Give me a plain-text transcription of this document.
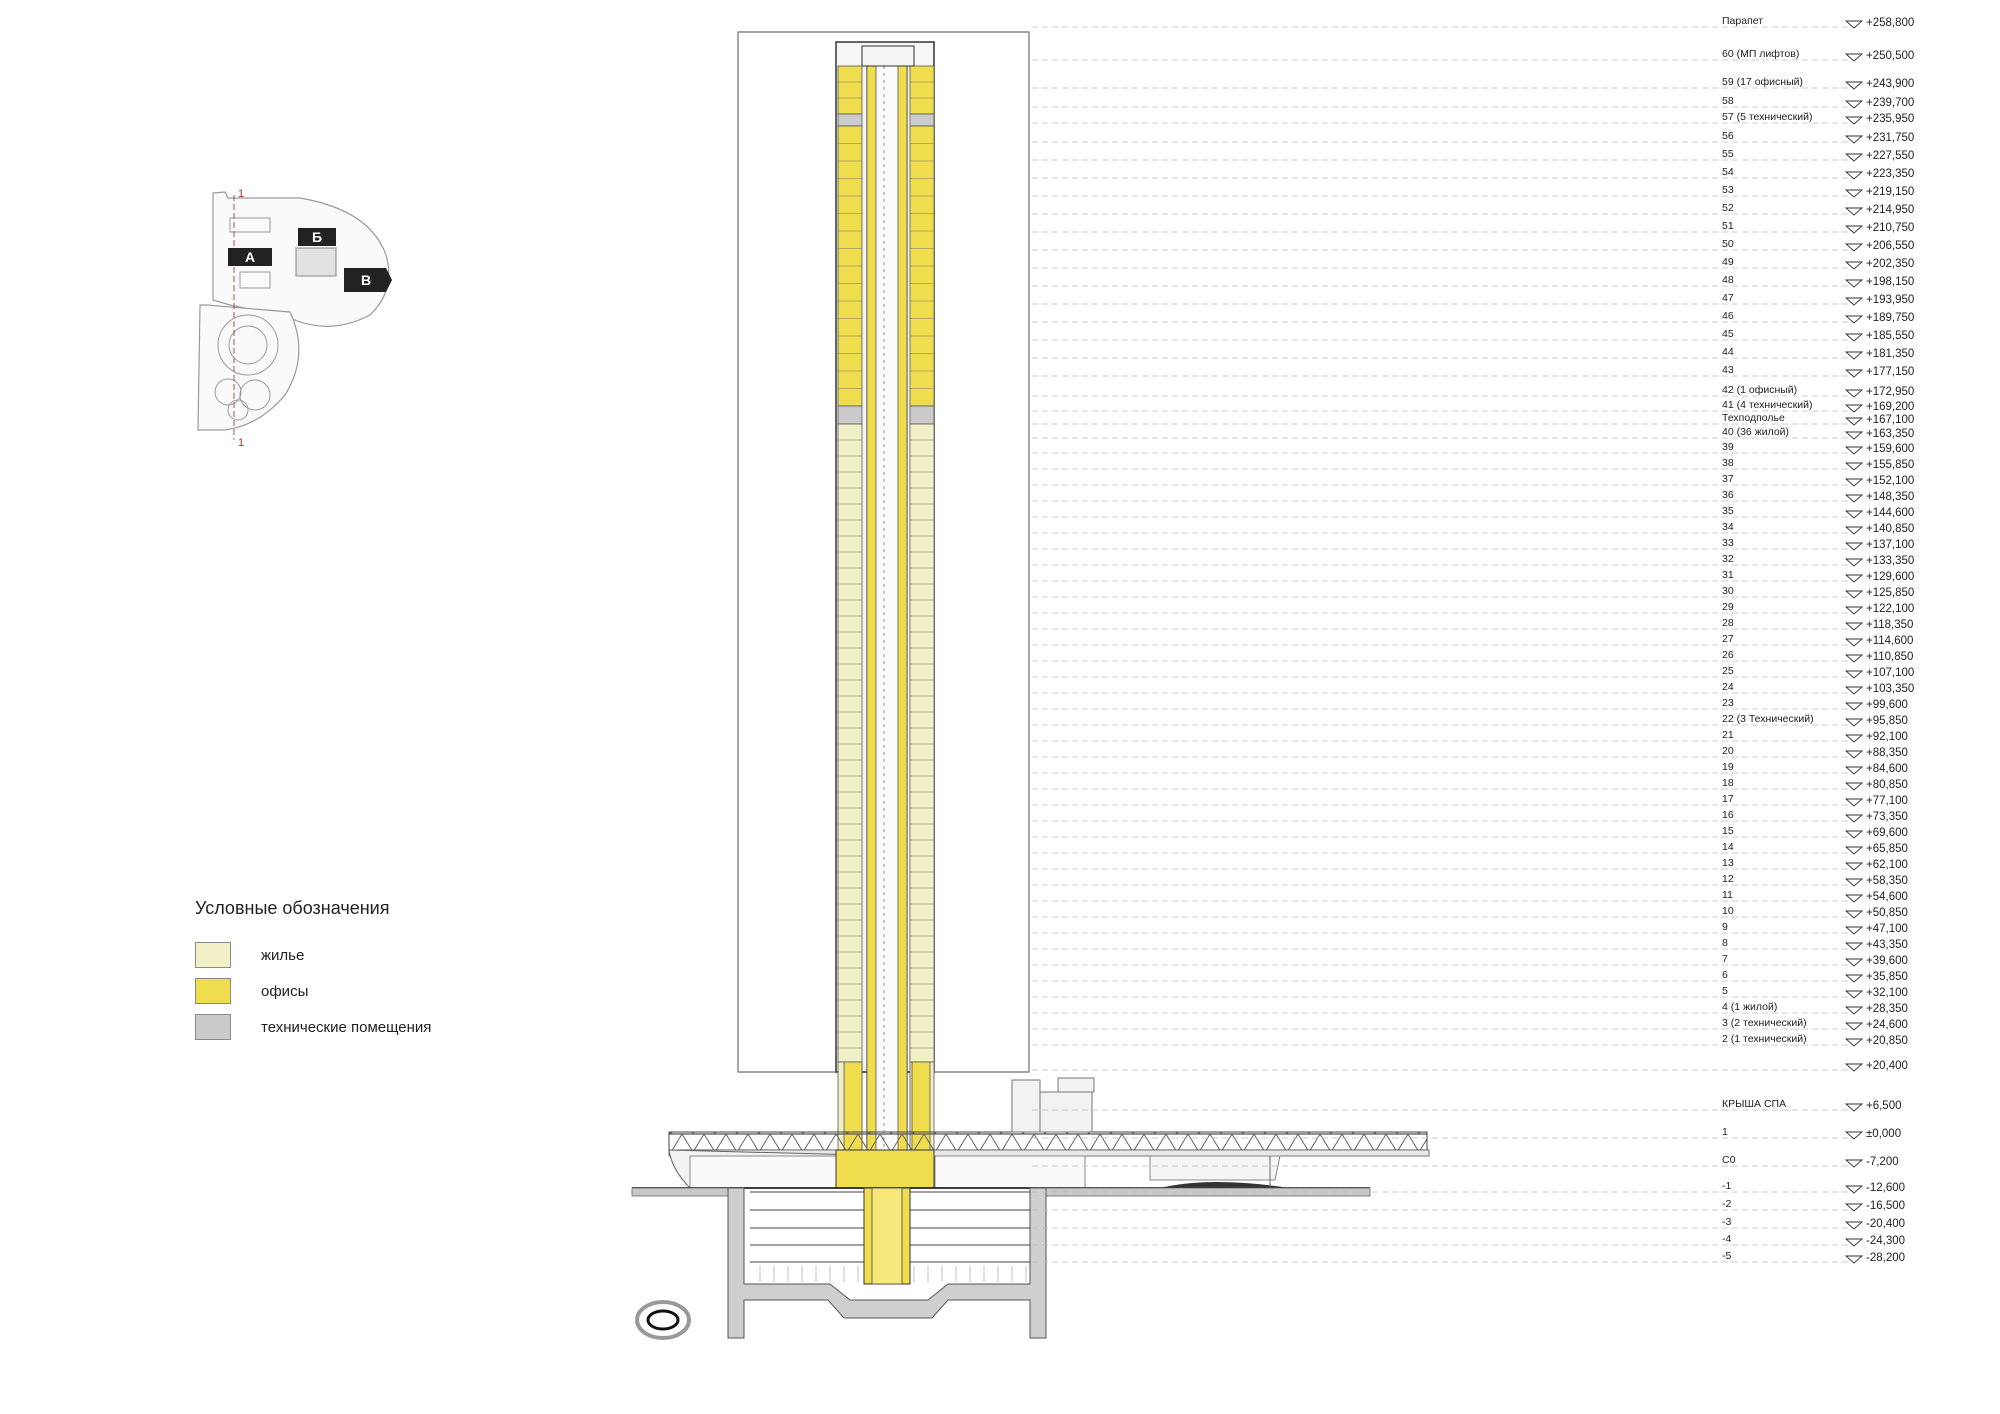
1
1
А
Б
В
Парапет	+258,800
60 (МП лифтов)	+250,500
59 (17 офисный)	+243,900
58	+239,700
57 (5 технический)	+235,950
56	+231,750
55	+227,550
54	+223,350
53	+219,150
52	+214,950
51	+210,750
50	+206,550
49	+202,350
48	+198,150
47	+193,950
46	+189,750
45	+185,550
44	+181,350
43	+177,150
42 (1 офисный)	+172,950
41 (4 технический)	+169,200
Техподполье	+167,100
40 (36 жилой)	+163,350
39	+159,600
38	+155,850
37	+152,100
36	+148,350
35	+144,600
34	+140,850
33	+137,100
32	+133,350
31	+129,600
30	+125,850
29	+122,100
28	+118,350
27	+114,600
26	+110,850
25	+107,100
24	+103,350
23	+99,600
22 (3 Технический)	+95,850
21	+92,100
20	+88,350
19	+84,600
18	+80,850
17	+77,100
16	+73,350
15	+69,600
14	+65,850
13	+62,100
12	+58,350
11	+54,600
10	+50,850
9	+47,100
8	+43,350
7	+39,600
6	+35,850
5	+32,100
4 (1 жилой)	+28,350
3 (2 технический)	+24,600
2 (1 технический)	+20,850
+20,400
КРЫША СПА	+6,500
1	±0,000
С0	-7,200
-1	-12,600
-2	-16,500
-3	-20,400
-4	-24,300
-5	-28,200
Условные обозначения
жилье
офисы
технические помещения
